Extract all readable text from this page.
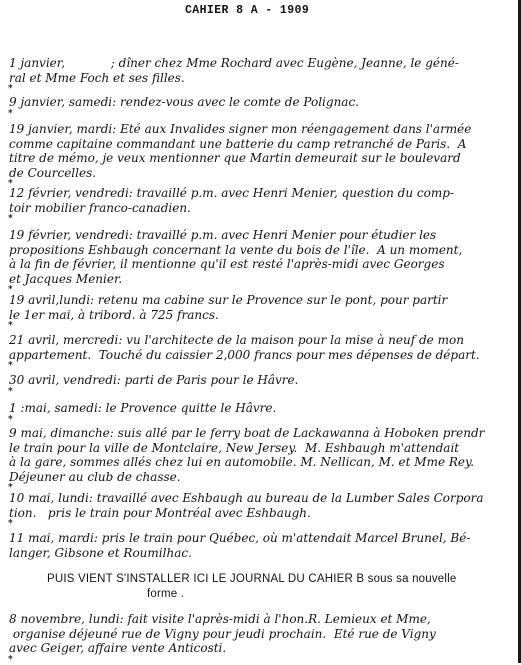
CAHIER 8 A - 1909
1 janvier,            ; dîner chez Mme Rochard avec Eugène, Jeanne, le géné-
ral et Mme Foch et ses filles.
*
9 janvier, samedi: rendez-vous avec le comte de Polignac.
*
19 janvier, mardi: Eté aux Invalides signer mon réengagement dans l'armée
comme capitaine commandant une batterie du camp retranché de Paris.  A
titre de mémo, je veux mentionner que Martin demeurait sur le boulevard
de Courcelles.
*
12 février, vendredi: travaillé p.m. avec Henri Menier, question du comp-
toir mobilier franco-canadien.
*
19 février, vendredi: travaillé p.m. avec Henri Menier pour étudier les
propositions Eshbaugh concernant la vente du bois de l'île.  A un moment,
à la fin de février, il mentionne qu'il est resté l'après-midi avec Georges
et Jacques Menier.
*
19 avril,lundi: retenu ma cabine sur le Provence sur le pont, pour partir
le 1er mai, à tribord. à 725 francs.
*
21 avril, mercredi: vu l'architecte de la maison pour la mise à neuf de mon
appartement.  Touché du caissier 2,000 francs pour mes dépenses de départ.
*
30 avril, vendredi: parti de Paris pour le Hâvre.
*
1 :mai, samedi: le Provence quitte le Hâvre.
*
9 mai, dimanche: suis allé par le ferry boat de Lackawanna à Hoboken prendr
le train pour la ville de Montclaire, New Jersey.  M. Eshbaugh m'attendait
à la gare, sommes allés chez lui en automobile. M. Nellican, M. et Mme Rey.
Déjeuner au club de chasse.
*
10 mai, lundi: travaillé avec Eshbaugh au bureau de la Lumber Sales Corpora
tion.   pris le train pour Montréal avec Eshbaugh.
*
11 mai, mardi: pris le train pour Québec, où m'attendait Marcel Brunel, Bé-
langer, Gibsone et Roumilhac.
PUIS VIENT S'INSTALLER ICI LE JOURNAL DU CAHIER B sous sa nouvelle
forme .
8 novembre, lundi: fait visite l'après-midi à l'hon.R. Lemieux et Mme,
organise déjeuné rue de Vigny pour jeudi prochain.  Eté rue de Vigny
avec Geiger, affaire vente Anticosti.
*
